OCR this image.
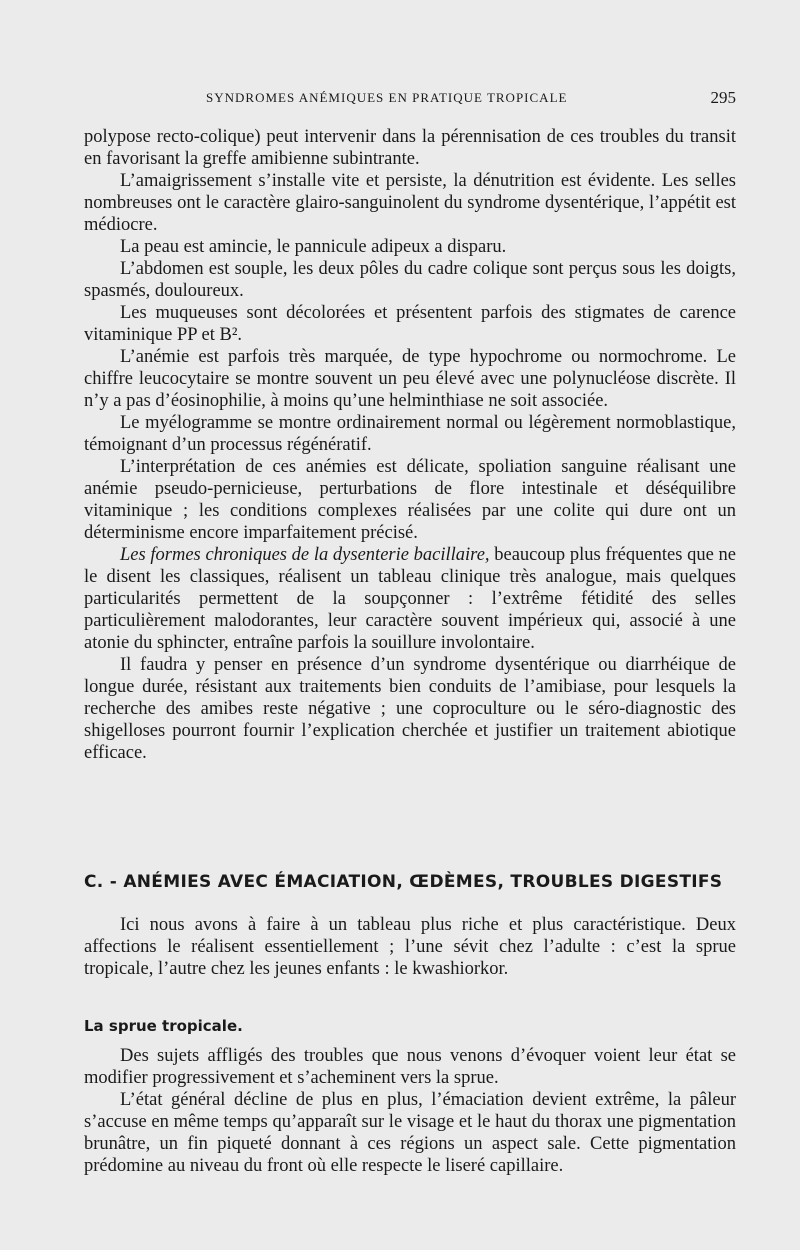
SYNDROMES ANÉMIQUES EN PRATIQUE TROPICALE	295

polypose recto-colique) peut intervenir dans la pérennisation de ces troubles du transit en favorisant la greffe amibienne subintrante.

L’amaigrissement s’installe vite et persiste, la dénutrition est évidente. Les selles nombreuses ont le caractère glairo-sanguinolent du syndrome dysentérique, l’appétit est médiocre.

La peau est amincie, le pannicule adipeux a disparu.

L’abdomen est souple, les deux pôles du cadre colique sont perçus sous les doigts, spasmés, douloureux.

Les muqueuses sont décolorées et présentent parfois des stigmates de carence vitaminique PP et B².

L’anémie est parfois très marquée, de type hypochrome ou normochrome. Le chiffre leucocytaire se montre souvent un peu élevé avec une polynucléose discrète. Il n’y a pas d’éosinophilie, à moins qu’une helminthiase ne soit associée.

Le myélogramme se montre ordinairement normal ou légèrement normoblastique, témoignant d’un processus régénératif.

L’interprétation de ces anémies est délicate, spoliation sanguine réalisant une anémie pseudo-pernicieuse, perturbations de flore intestinale et déséquilibre vitaminique ; les conditions complexes réalisées par une colite qui dure ont un déterminisme encore imparfaitement précisé.

Les formes chroniques de la dysenterie bacillaire, beaucoup plus fréquentes que ne le disent les classiques, réalisent un tableau clinique très analogue, mais quelques particularités permettent de la soupçonner : l’extrême fétidité des selles particulièrement malodorantes, leur caractère souvent impérieux qui, associé à une atonie du sphincter, entraîne parfois la souillure involontaire.

Il faudra y penser en présence d’un syndrome dysentérique ou diarrhéique de longue durée, résistant aux traitements bien conduits de l’amibiase, pour lesquels la recherche des amibes reste négative ; une coproculture ou le séro-diagnostic des shigelloses pourront fournir l’explication cherchée et justifier un traitement abiotique efficace.

C. - ANÉMIES AVEC ÉMACIATION, ŒDÈMES, TROUBLES DIGESTIFS

Ici nous avons à faire à un tableau plus riche et plus caractéristique. Deux affections le réalisent essentiellement ; l’une sévit chez l’adulte : c’est la sprue tropicale, l’autre chez les jeunes enfants : le kwashiorkor.

La sprue tropicale.

Des sujets affligés des troubles que nous venons d’évoquer voient leur état se modifier progressivement et s’acheminent vers la sprue.

L’état général décline de plus en plus, l’émaciation devient extrême, la pâleur s’accuse en même temps qu’apparaît sur le visage et le haut du thorax une pigmentation brunâtre, un fin piqueté donnant à ces régions un aspect sale. Cette pigmentation prédomine au niveau du front où elle respecte le liseré capillaire.
